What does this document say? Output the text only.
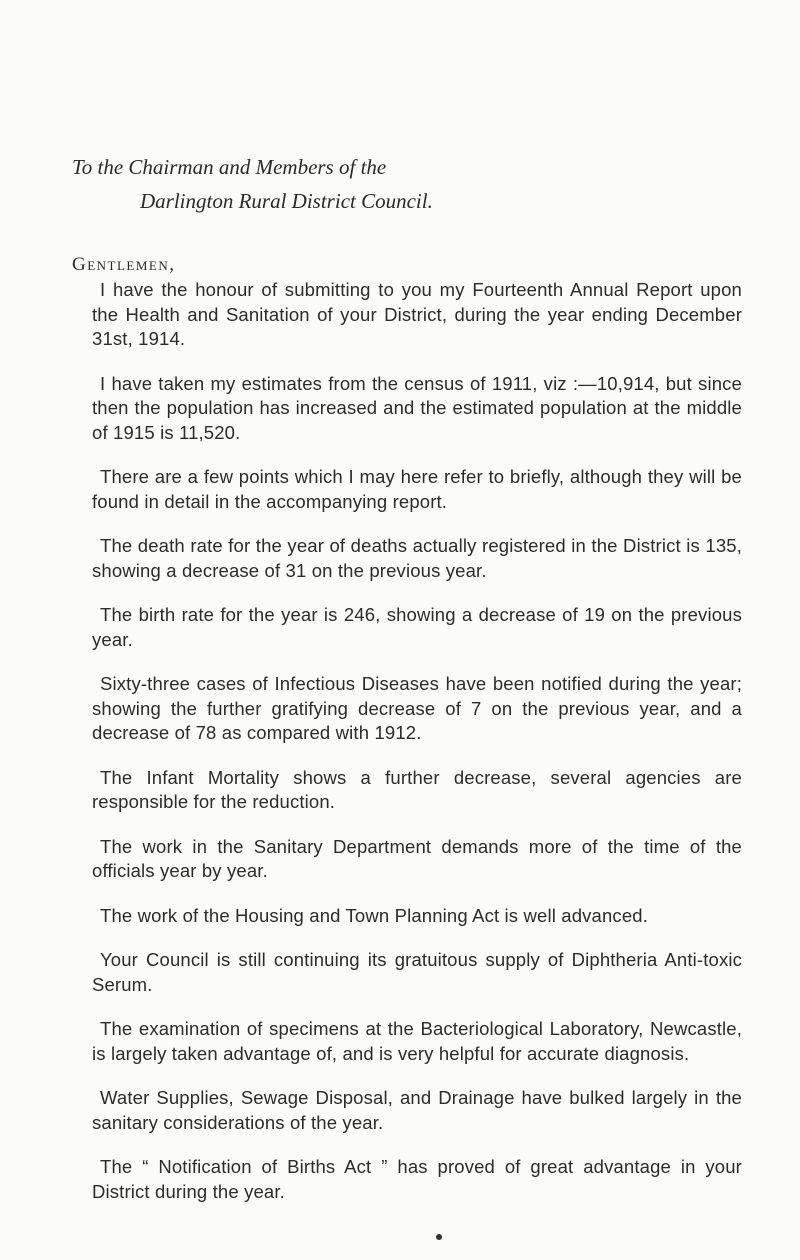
To the Chairman and Members of the
Darlington Rural District Council.
Gentlemen,

I have the honour of submitting to you my Fourteenth Annual Report upon the Health and Sanitation of your District, during the year ending December 31st, 1914.

I have taken my estimates from the census of 1911, viz :—10,914, but since then the population has increased and the estimated population at the middle of 1915 is 11,520.

There are a few points which I may here refer to briefly, although they will be found in detail in the accompanying report.

The death rate for the year of deaths actually registered in the District is 135, showing a decrease of 31 on the previous year.

The birth rate for the year is 246, showing a decrease of 19 on the previous year.

Sixty-three cases of Infectious Diseases have been notified during the year; showing the further gratifying decrease of 7 on the previous year, and a decrease of 78 as compared with 1912.

The Infant Mortality shows a further decrease, several agencies are responsible for the reduction.

The work in the Sanitary Department demands more of the time of the officials year by year.

The work of the Housing and Town Planning Act is well advanced.

Your Council is still continuing its gratuitous supply of Diphtheria Anti-toxic Serum.

The examination of specimens at the Bacteriological Laboratory, Newcastle, is largely taken advantage of, and is very helpful for accurate diagnosis.

Water Supplies, Sewage Disposal, and Drainage have bulked largely in the sanitary considerations of the year.

The “ Notification of Births Act ” has proved of great advantage in your District during the year.
